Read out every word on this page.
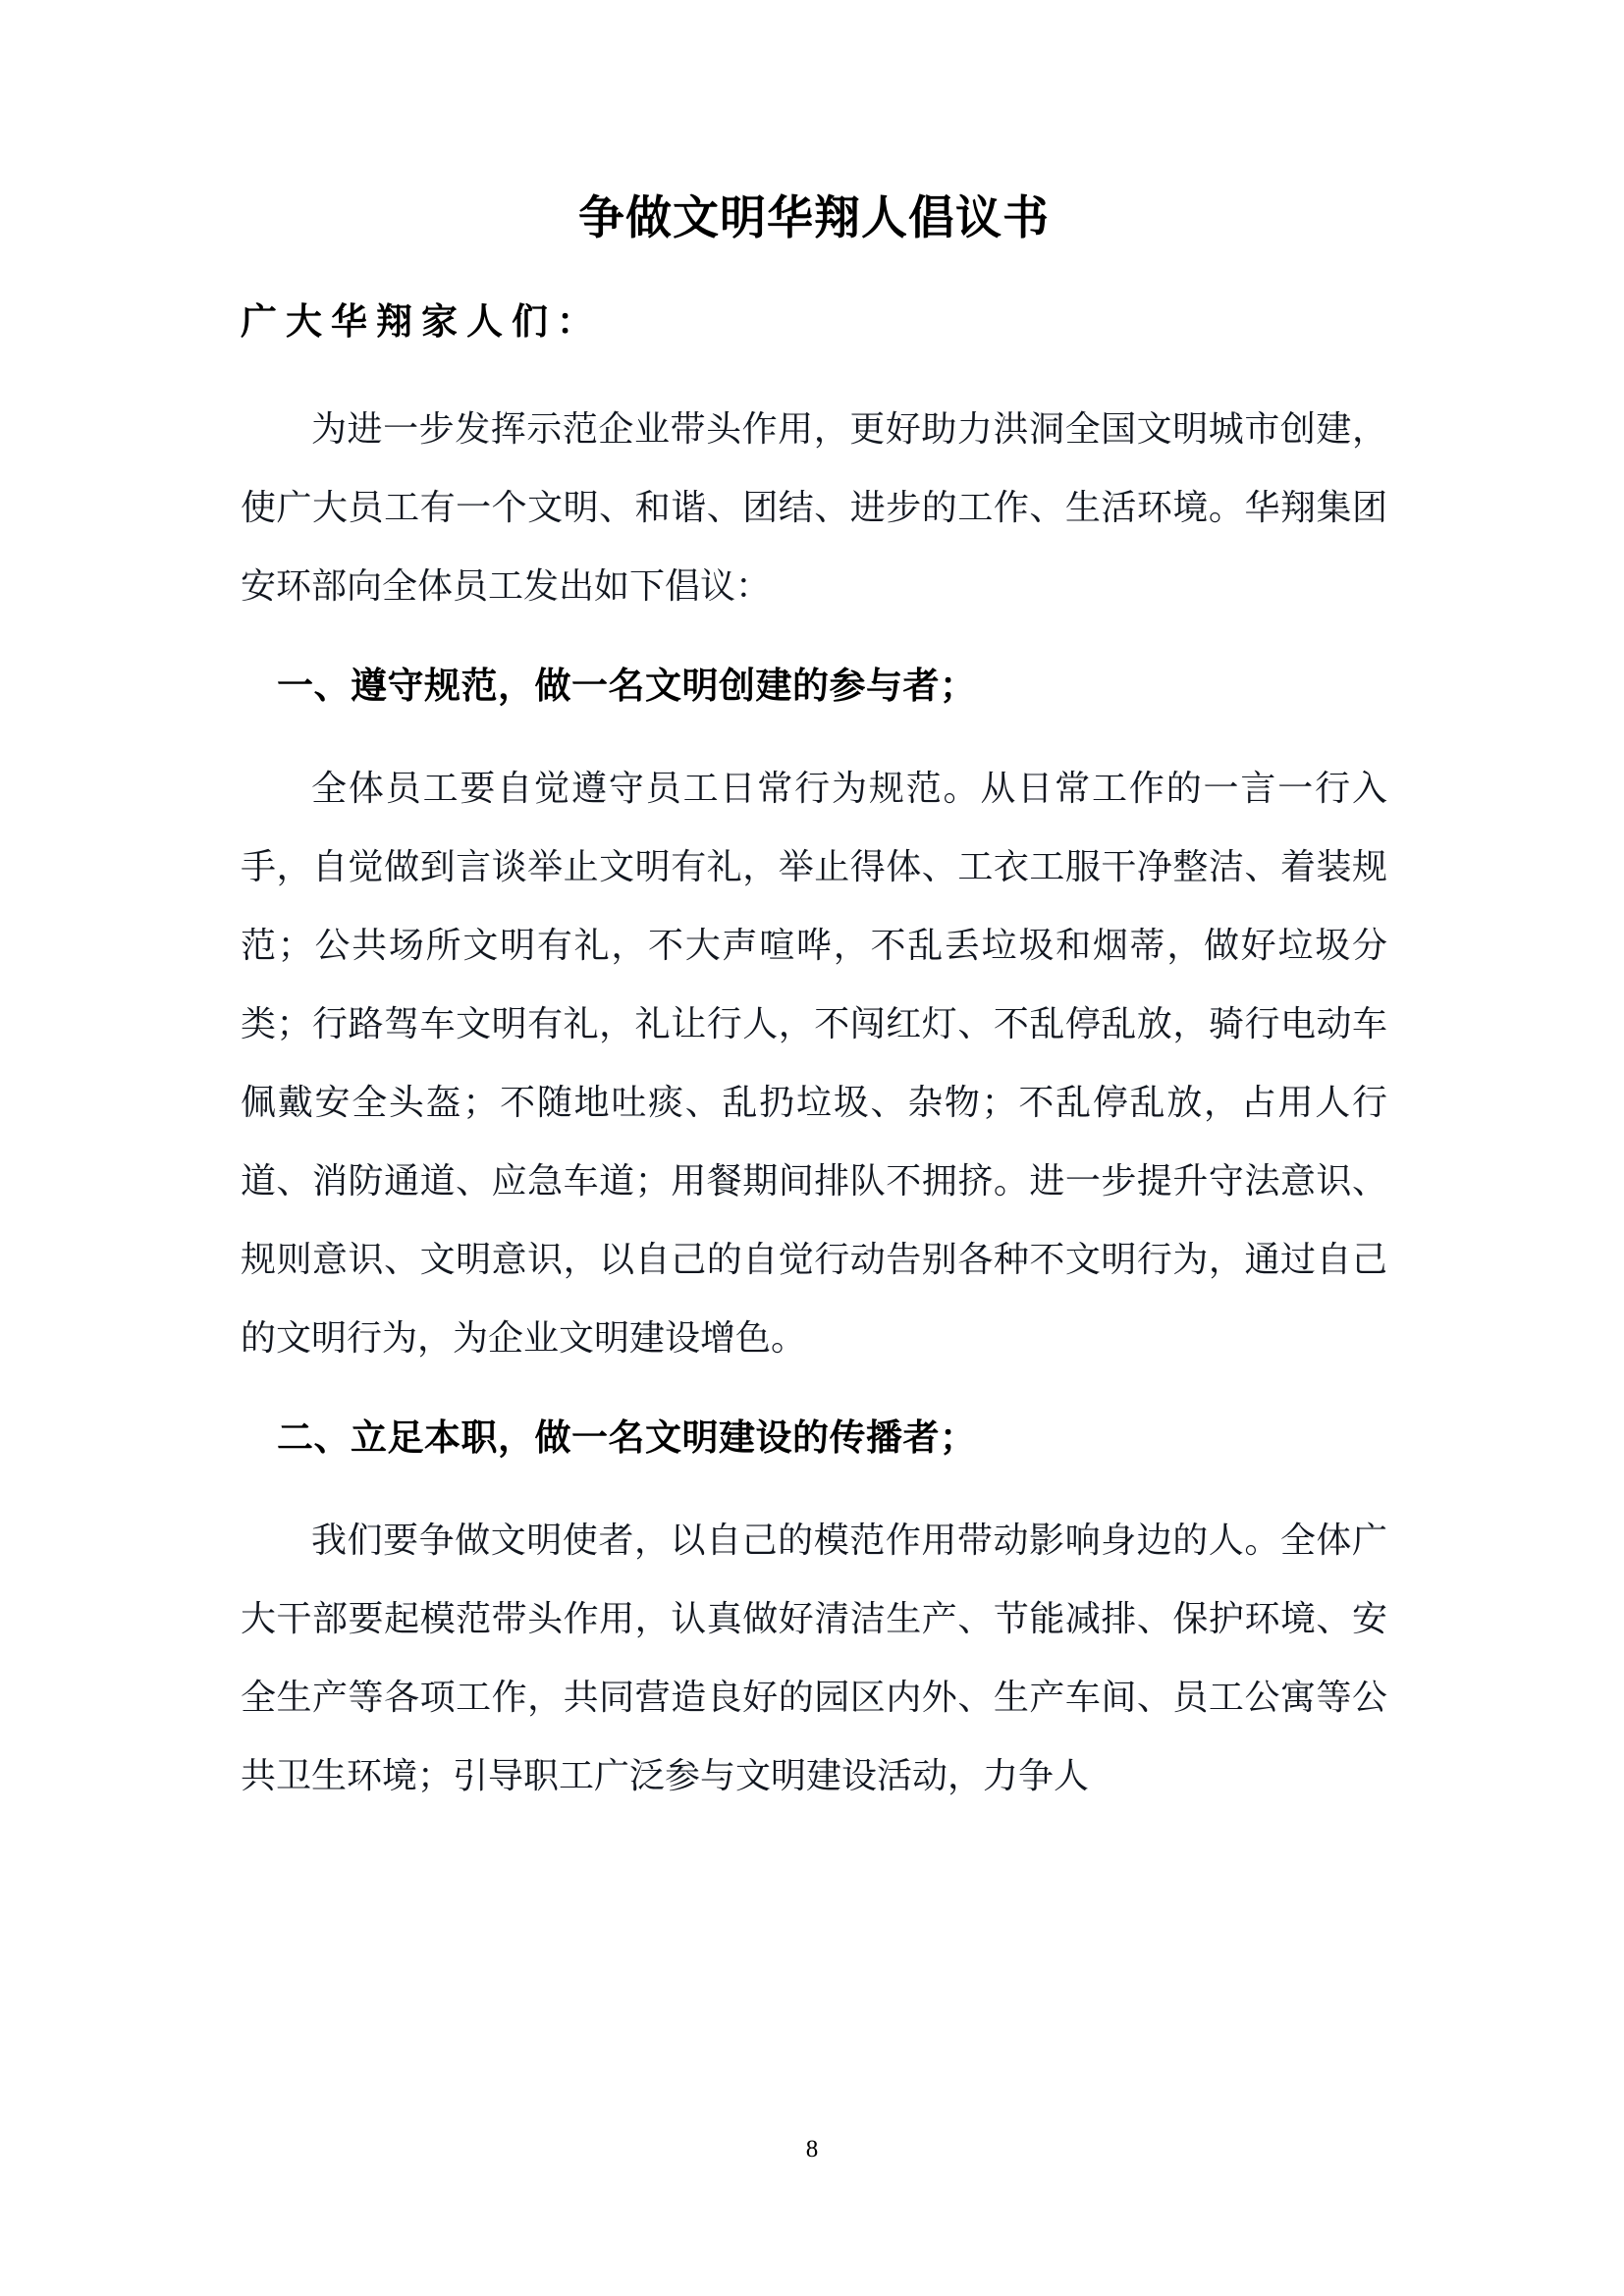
争做文明华翔人倡议书

广大华翔家人们：

为进一步发挥示范企业带头作用，更好助力洪洞全国文明城市创建，使广大员工有一个文明、和谐、团结、进步的工作、生活环境。华翔集团安环部向全体员工发出如下倡议：

一、遵守规范，做一名文明创建的参与者；

全体员工要自觉遵守员工日常行为规范。从日常工作的一言一行入手，自觉做到言谈举止文明有礼，举止得体、工衣工服干净整洁、着装规范；公共场所文明有礼，不大声喧哗，不乱丢垃圾和烟蒂，做好垃圾分类；行路驾车文明有礼，礼让行人，不闯红灯、不乱停乱放，骑行电动车佩戴安全头盔；不随地吐痰、乱扔垃圾、杂物；不乱停乱放，占用人行道、消防通道、应急车道；用餐期间排队不拥挤。进一步提升守法意识、规则意识、文明意识，以自己的自觉行动告别各种不文明行为，通过自己的文明行为，为企业文明建设增色。

二、立足本职，做一名文明建设的传播者；

我们要争做文明使者，以自己的模范作用带动影响身边的人。全体广大干部要起模范带头作用，认真做好清洁生产、节能减排、保护环境、安全生产等各项工作，共同营造良好的园区内外、生产车间、员工公寓等公共卫生环境；引导职工广泛参与文明建设活动，力争人

8
